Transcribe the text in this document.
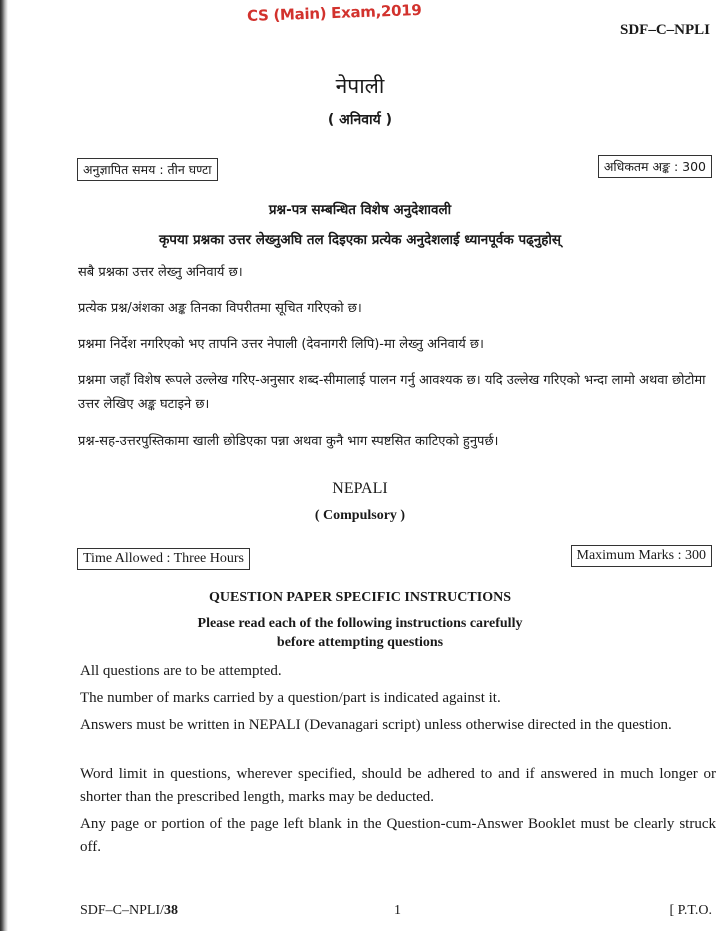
CS (Main) Exam,2019
SDF–C–NPLI
नेपाली
( अनिवार्य )
अनुज्ञापित समय : तीन घण्टा	अधिकतम अङ्क : 300
प्रश्न-पत्र सम्बन्धित विशेष अनुदेशावली
कृपया प्रश्नका उत्तर लेख्नुअघि तल दिइएका प्रत्येक अनुदेशलाई ध्यानपूर्वक पढ्नुहोस्
सबै प्रश्नका उत्तर लेख्नु अनिवार्य छ।
प्रत्येक प्रश्न/अंशका अङ्क तिनका विपरीतमा सूचित गरिएको छ।
प्रश्नमा निर्देश नगरिएको भए तापनि उत्तर नेपाली (देवनागरी लिपि)-मा लेख्नु अनिवार्य छ।
प्रश्नमा जहाँ विशेष रूपले उल्लेख गरिए-अनुसार शब्द-सीमालाई पालन गर्नु आवश्यक छ। यदि उल्लेख गरिएको भन्दा लामो अथवा छोटोमा उत्तर लेखिए अङ्क घटाइने छ।
प्रश्न-सह-उत्तरपुस्तिकामा खाली छोडिएका पन्ना अथवा कुनै भाग स्पष्टसित काटिएको हुनुपर्छ।
NEPALI
( Compulsory )
Time Allowed : Three Hours	Maximum Marks : 300
QUESTION PAPER SPECIFIC INSTRUCTIONS
Please read each of the following instructions carefully
before attempting questions
All questions are to be attempted.
The number of marks carried by a question/part is indicated against it.
Answers must be written in NEPALI (Devanagari script) unless otherwise directed in the question.
Word limit in questions, wherever specified, should be adhered to and if answered in much longer or shorter than the prescribed length, marks may be deducted.
Any page or portion of the page left blank in the Question-cum-Answer Booklet must be clearly struck off.
SDF–C–NPLI/38	1	[ P.T.O.
